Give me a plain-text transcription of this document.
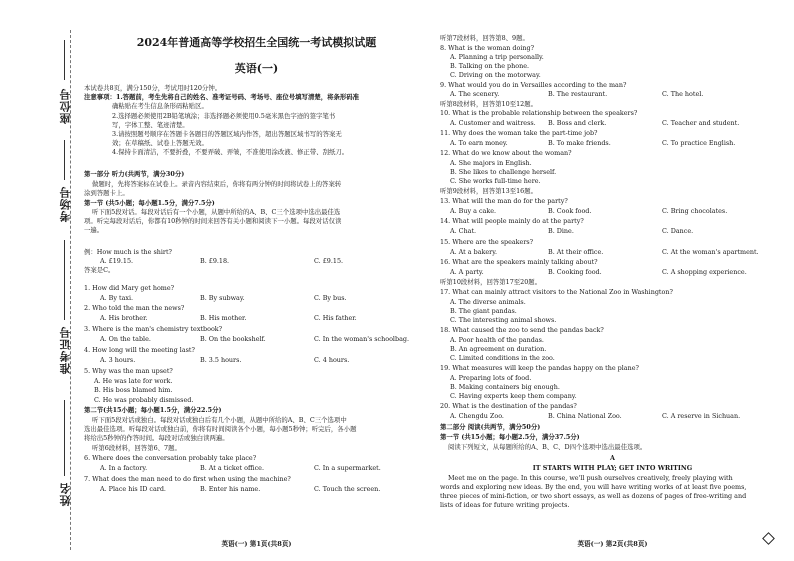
座位号
考场号
准考证号
姓名
2024年普通高等学校招生全国统一考试模拟试题
英语(一)
本试卷共8页，满分150分，考试用时120分钟。
注意事项：1.答题前，考生先将自己的姓名、准考证号码、考场号、座位号填写清楚，将条形码准
确粘贴在考生信息条形码粘贴区。
2.选择题必须使用2B铅笔填涂；非选择题必须使用0.5毫米黑色字迹的签字笔书
写，字体工整、笔迹清楚。
3.请按照题号顺序在答题卡各题目的答题区域内作答，超出答题区域书写的答案无
效；在草稿纸、试卷上答题无效。
4.保持卡面清洁，不要折叠，不要弄破、弄皱，不准使用涂改液、修正带、刮纸刀。
第一部分 听力(共两节，满分30分)
做题时，先将答案标在试卷上。录音内容结束后，你将有两分钟的时间将试卷上的答案转
涂到答题卡上。
第一节 (共5小题；每小题1.5分，满分7.5分)
听下面5段对话。每段对话后有一个小题，从题中所给的A、B、C三个选项中选出最佳选
项。听完每段对话后，你都有10秒钟的时间来回答有关小题和阅读下一小题。每段对话仅读
一遍。
例：How much is the shirt?
A. £19.15.	B. £9.18.	C. £9.15.
答案是C。
1. How did Mary get home?
A. By taxi.	B. By subway.	C. By bus.
2. Who told the man the news?
A. His brother.	B. His mother.	C. His father.
3. Where is the man's chemistry textbook?
A. On the table.	B. On the bookshelf.	C. In the woman's schoolbag.
4. How long will the meeting last?
A. 3 hours.	B. 3.5 hours.	C. 4 hours.
5. Why was the man upset?
A. He was late for work.
B. His boss blamed him.
C. He was probably dismissed.
第二节(共15小题；每小题1.5分，满分22.5分)
听下面5段对话或独白。每段对话或独白后有几个小题，从题中所给的A、B、C三个选项中
选出最佳选项。听每段对话或独白前，你将有时间阅读各个小题，每小题5秒钟；听完后，各小题
将给出5秒钟的作答时间。每段对话或独白读两遍。
听第6段材料，回答第6、7题。
6. Where does the conversation probably take place?
A. In a factory.	B. At a ticket office.	C. In a supermarket.
7. What does the man need to do first when using the machine?
A. Place his ID card.	B. Enter his name.	C. Touch the screen.
英语(一) 第1页(共8页)
听第7段材料，回答第8、9题。
8. What is the woman doing?
A. Planning a trip personally.
B. Talking on the phone.
C. Driving on the motorway.
9. What would you do in Versailles according to the man?
A. The scenery.	B. The restaurant.	C. The hotel.
听第8段材料，回答第10至12题。
10. What is the probable relationship between the speakers?
A. Customer and waitress. B. Boss and clerk.	C. Teacher and student.
11. Why does the woman take the part-time job?
A. To earn money.	B. To make friends.	C. To practice English.
12. What do we know about the woman?
A. She majors in English.
B. She likes to challenge herself.
C. She works full-time here.
听第9段材料，回答第13至16题。
13. What will the man do for the party?
A. Buy a cake.	B. Cook food.	C. Bring chocolates.
14. What will people mainly do at the party?
A. Chat.	B. Dine.	C. Dance.
15. Where are the speakers?
A. At a bakery.	B. At their office.	C. At the woman's apartment.
16. What are the speakers mainly talking about?
A. A party.	B. Cooking food.	C. A shopping experience.
听第10段材料，回答第17至20题。
17. What can mainly attract visitors to the National Zoo in Washington?
A. The diverse animals.
B. The giant pandas.
C. The interesting animal shows.
18. What caused the zoo to send the pandas back?
A. Poor health of the pandas.
B. An agreement on duration.
C. Limited conditions in the zoo.
19. What measures will keep the pandas happy on the plane?
A. Preparing lots of food.
B. Making containers big enough.
C. Having experts keep them company.
20. What is the destination of the pandas?
A. Chengdu Zoo.	B. China National Zoo.	C. A reserve in Sichuan.
第二部分 阅读(共两节，满分50分)
第一节 (共15小题；每小题2.5分，满分37.5分)
阅读下列短文，从每题所给的A、B、C、D四个选项中选出最佳选项。
A
IT STARTS WITH PLAY; GET INTO WRITING
Meet me on the page. In this course, we'll push ourselves creatively, freely playing with
words and exploring new ideas. By the end, you will have writing works of at least five poems,
three pieces of mini-fiction, or two short essays, as well as dozens of pages of free-writing and
lists of ideas for future writing projects.
英语(一) 第2页(共8页)
